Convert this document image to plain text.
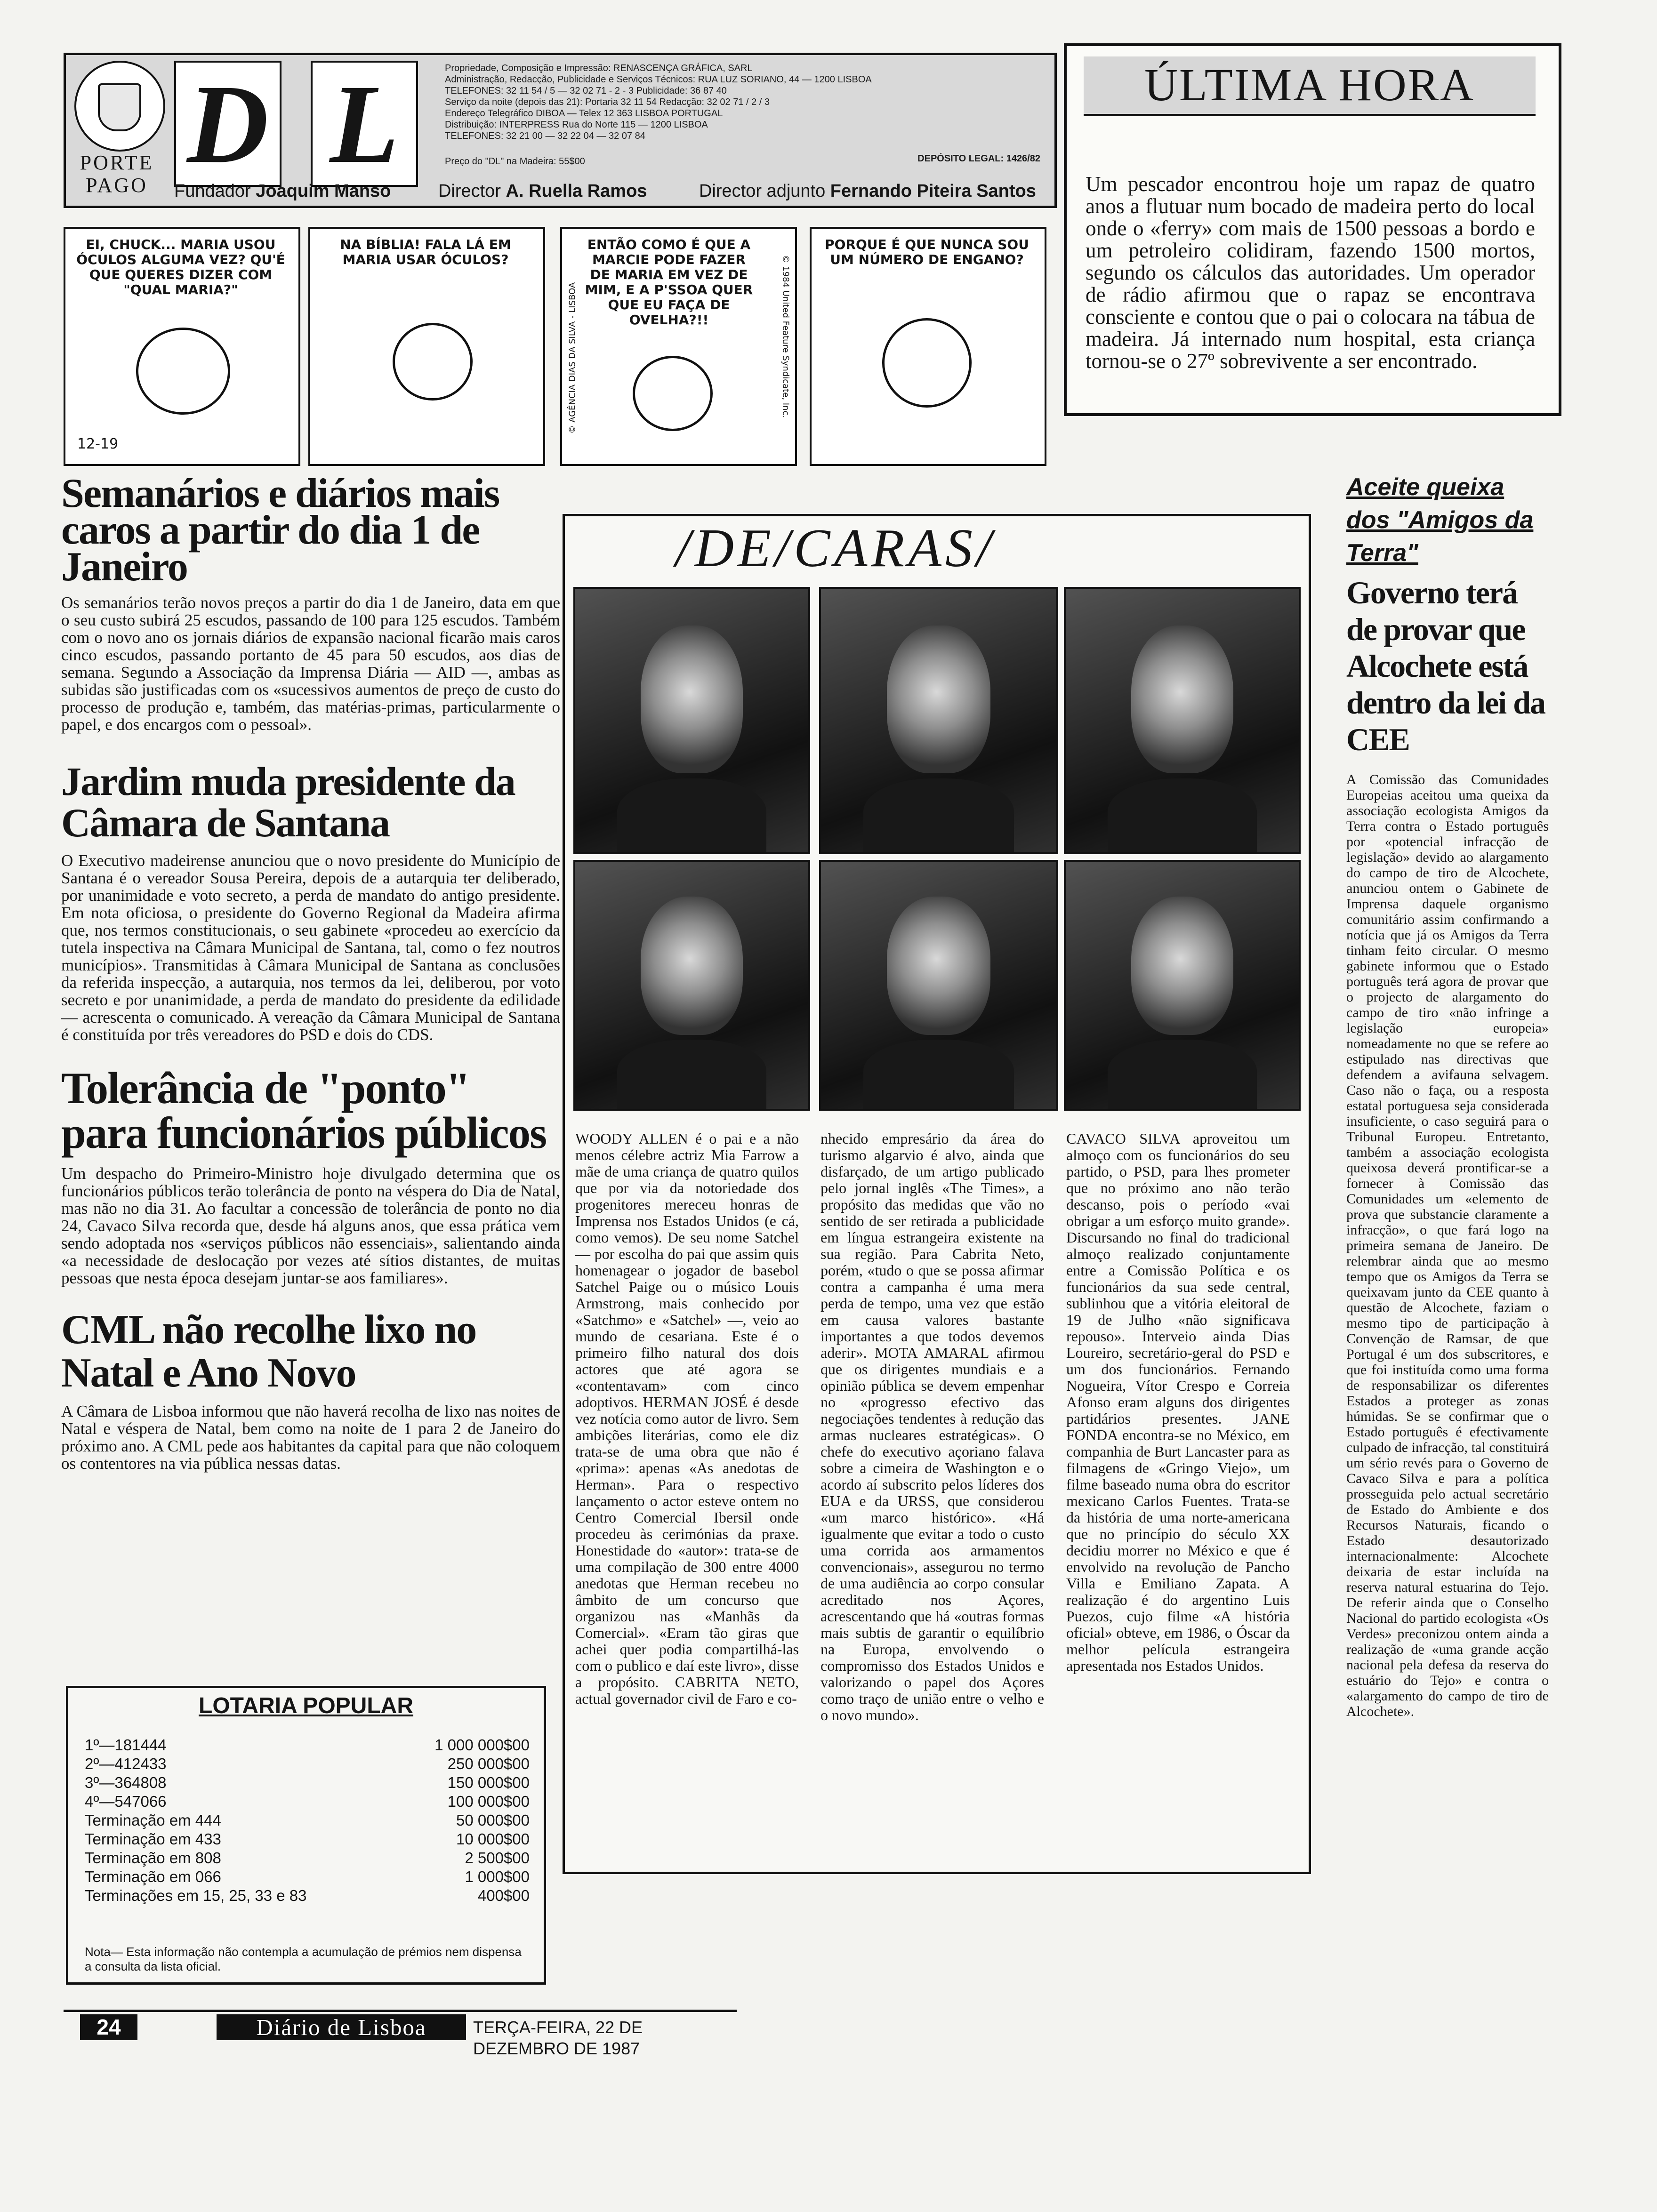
PORTE
PAGO D L	Propriedade, Composição e Impressão: RENASCENÇA GRÁFICA, SARL
Administração, Redacção, Publicidade e Serviços Técnicos: RUA LUZ SORIANO, 44 — 1200 LISBOA
TELEFONES: 32 11 54 / 5 — 32 02 71 - 2 - 3 Publicidade: 36 87 40
Serviço da noite (depois das 21): Portaria 32 11 54 Redacção: 32 02 71 / 2 / 3
Endereço Telegráfico DIBOA — Telex 12 363 LISBOA PORTUGAL
Distribuição: INTERPRESS Rua do Norte 115 — 1200 LISBOA
TELEFONES: 32 21 00 — 32 22 04 — 32 07 84
Preço do "DL" na Madeira: 55$00	DEPÓSITO LEGAL: 1426/82
Fundador Joaquim Manso	Director A. Ruella Ramos	Director adjunto Fernando Piteira Santos
ÚLTIMA HORA
Um pescador encontrou hoje um rapaz de quatro anos a flutuar num bocado de madeira perto do local onde o «ferry» com mais de 1500 pessoas a bordo e um petroleiro colidiram, fazendo 1500 mortos, segundo os cálculos das autoridades. Um operador de rádio afirmou que o rapaz se encontrava consciente e contou que o pai o colocara na tábua de madeira. Já internado num hospital, esta criança tornou-se o 27º sobrevivente a ser encontrado.
EI, CHUCK... MARIA USOU ÓCULOS ALGUMA VEZ? QU'É QUE QUERES DIZER COM "QUAL MARIA?"
12-19
NA BÍBLIA! FALA LÁ EM MARIA USAR ÓCULOS?
ENTÃO COMO É QUE A MARCIE PODE FAZER DE MARIA EM VEZ DE MIM, E A P'SSOA QUER QUE EU FAÇA DE OVELHA?!!
© AGÊNCIA DIAS DA SILVA - LISBOA	© 1984 United Feature Syndicate, Inc.
PORQUE É QUE NUNCA SOU UM NÚMERO DE ENGANO?
Semanários e diários mais caros a partir do dia 1 de Janeiro
Os semanários terão novos preços a partir do dia 1 de Janeiro, data em que o seu custo subirá 25 escudos, passando de 100 para 125 escudos. Também com o novo ano os jornais diários de expansão nacional ficarão mais caros cinco escudos, passando portanto de 45 para 50 escudos, aos dias de semana. Segundo a Associação da Imprensa Diária — AID —, ambas as subidas são justificadas com os «sucessivos aumentos de preço de custo do processo de produção e, também, das matérias-primas, particularmente o papel, e dos encargos com o pessoal».
Jardim muda presidente da Câmara de Santana
O Executivo madeirense anunciou que o novo presidente do Município de Santana é o vereador Sousa Pereira, depois de a autarquia ter deliberado, por unanimidade e voto secreto, a perda de mandato do antigo presidente. Em nota oficiosa, o presidente do Governo Regional da Madeira afirma que, nos termos constitucionais, o seu gabinete «procedeu ao exercício da tutela inspectiva na Câmara Municipal de Santana, tal, como o fez noutros municípios». Transmitidas à Câmara Municipal de Santana as conclusões da referida inspecção, a autarquia, nos termos da lei, deliberou, por voto secreto e por unanimidade, a perda de mandato do presidente da edilidade — acrescenta o comunicado. A vereação da Câmara Municipal de Santana é constituída por três vereadores do PSD e dois do CDS.
Tolerância de "ponto" para funcionários públicos
Um despacho do Primeiro-Ministro hoje divulgado determina que os funcionários públicos terão tolerância de ponto na véspera do Dia de Natal, mas não no dia 31. Ao facultar a concessão de tolerância de ponto no dia 24, Cavaco Silva recorda que, desde há alguns anos, que essa prática vem sendo adoptada nos «serviços públicos não essenciais», salientando ainda «a necessidade de deslocação por vezes até sítios distantes, de muitas pessoas que nesta época desejam juntar-se aos familiares».
CML não recolhe lixo no Natal e Ano Novo
A Câmara de Lisboa informou que não haverá recolha de lixo nas noites de Natal e véspera de Natal, bem como na noite de 1 para 2 de Janeiro do próximo ano. A CML pede aos habitantes da capital para que não coloquem os contentores na via pública nessas datas.
LOTARIA POPULAR
1º—181444	1 000 000$00
2º—412433	250 000$00
3º—364808	150 000$00
4º—547066	100 000$00
Terminação em 444	50 000$00
Terminação em 433	10 000$00
Terminação em 808	2 500$00
Terminação em 066	1 000$00
Terminações em 15, 25, 33 e 83	400$00
Nota— Esta informação não contempla a acumulação de prémios nem dispensa a consulta da lista oficial.
/DE/CARAS/
WOODY ALLEN é o pai e a não menos célebre actriz Mia Farrow a mãe de uma criança de quatro quilos que por via da notoriedade dos progenitores mereceu honras de Imprensa nos Estados Unidos (e cá, como vemos). De seu nome Satchel — por escolha do pai que assim quis homenagear o jogador de basebol Satchel Paige ou o músico Louis Armstrong, mais conhecido por «Satchmo» e «Satchel» —, veio ao mundo de cesariana. Este é o primeiro filho natural dos dois actores que até agora se «contentavam» com cinco adoptivos. HERMAN JOSÉ é desde vez notícia como autor de livro. Sem ambições literárias, como ele diz trata-se de uma obra que não é «prima»: apenas «As anedotas de Herman». Para o respectivo lançamento o actor esteve ontem no Centro Comercial Ibersil onde procedeu às cerimónias da praxe. Honestidade do «autor»: trata-se de uma compilação de 300 entre 4000 anedotas que Herman recebeu no âmbito de um concurso que organizou nas «Manhãs da Comercial». «Eram tão giras que achei quer podia compartilhá-las com o publico e daí este livro», disse a propósito. CABRITA NETO, actual governador civil de Faro e co-
nhecido empresário da área do turismo algarvio é alvo, ainda que disfarçado, de um artigo publicado pelo jornal inglês «The Times», a propósito das medidas que vão no sentido de ser retirada a publicidade em língua estrangeira existente na sua região. Para Cabrita Neto, porém, «tudo o que se possa afirmar contra a campanha é uma mera perda de tempo, uma vez que estão em causa valores bastante importantes a que todos devemos aderir». MOTA AMARAL afirmou que os dirigentes mundiais e a opinião pública se devem empenhar no «progresso efectivo das negociações tendentes à redução das armas nucleares estratégicas». O chefe do executivo açoriano falava sobre a cimeira de Washington e o acordo aí subscrito pelos líderes dos EUA e da URSS, que considerou «um marco histórico». «Há igualmente que evitar a todo o custo uma corrida aos armamentos convencionais», assegurou no termo de uma audiência ao corpo consular acreditado nos Açores, acrescentando que há «outras formas mais subtis de garantir o equilíbrio na Europa, envolvendo o compromisso dos Estados Unidos e valorizando o papel dos Açores como traço de união entre o velho e o novo mundo».
CAVACO SILVA aproveitou um almoço com os funcionários do seu partido, o PSD, para lhes prometer que no próximo ano não terão descanso, pois o período «vai obrigar a um esforço muito grande». Discursando no final do tradicional almoço realizado conjuntamente entre a Comissão Política e os funcionários da sua sede central, sublinhou que a vitória eleitoral de 19 de Julho «não significava repouso». Interveio ainda Dias Loureiro, secretário-geral do PSD e um dos funcionários. Fernando Nogueira, Vítor Crespo e Correia Afonso eram alguns dos dirigentes partidários presentes. JANE FONDA encontra-se no México, em companhia de Burt Lancaster para as filmagens de «Gringo Viejo», um filme baseado numa obra do escritor mexicano Carlos Fuentes. Trata-se da história de uma norte-americana que no princípio do século XX decidiu morrer no México e que é envolvido na revolução de Pancho Villa e Emiliano Zapata. A realização é do argentino Luis Puezos, cujo filme «A história oficial» obteve, em 1986, o Óscar da melhor película estrangeira apresentada nos Estados Unidos.
Aceite queixa dos "Amigos da Terra"
Governo terá de provar que Alcochete está dentro da lei da CEE
A Comissão das Comunidades Europeias aceitou uma queixa da associação ecologista Amigos da Terra contra o Estado português por «potencial infracção de legislação» devido ao alargamento do campo de tiro de Alcochete, anunciou ontem o Gabinete de Imprensa daquele organismo comunitário assim confirmando a notícia que já os Amigos da Terra tinham feito circular. O mesmo gabinete informou que o Estado português terá agora de provar que o projecto de alargamento do campo de tiro «não infringe a legislação europeia» nomeadamente no que se refere ao estipulado nas directivas que defendem a avifauna selvagem. Caso não o faça, ou a resposta estatal portuguesa seja considerada insuficiente, o caso seguirá para o Tribunal Europeu. Entretanto, também a associação ecologista queixosa deverá prontificar-se a fornecer à Comissão das Comunidades um «elemento de prova que substancie claramente a infracção», o que fará logo na primeira semana de Janeiro. De relembrar ainda que ao mesmo tempo que os Amigos da Terra se queixavam junto da CEE quanto à questão de Alcochete, faziam o mesmo tipo de participação à Convenção de Ramsar, de que Portugal é um dos subscritores, e que foi instituída como uma forma de responsabilizar os diferentes Estados a proteger as zonas húmidas. Se se confirmar que o Estado português é efectivamente culpado de infracção, tal constituirá um sério revés para o Governo de Cavaco Silva e para a política prosseguida pelo actual secretário de Estado do Ambiente e dos Recursos Naturais, ficando o Estado desautorizado internacionalmente: Alcochete deixaria de estar incluída na reserva natural estuarina do Tejo. De referir ainda que o Conselho Nacional do partido ecologista «Os Verdes» preconizou ontem ainda a realização de «uma grande acção nacional pela defesa da reserva do estuário do Tejo» e contra o «alargamento do campo de tiro de Alcochete».
24	Diário de Lisboa	TERÇA-FEIRA, 22 DE DEZEMBRO DE 1987
